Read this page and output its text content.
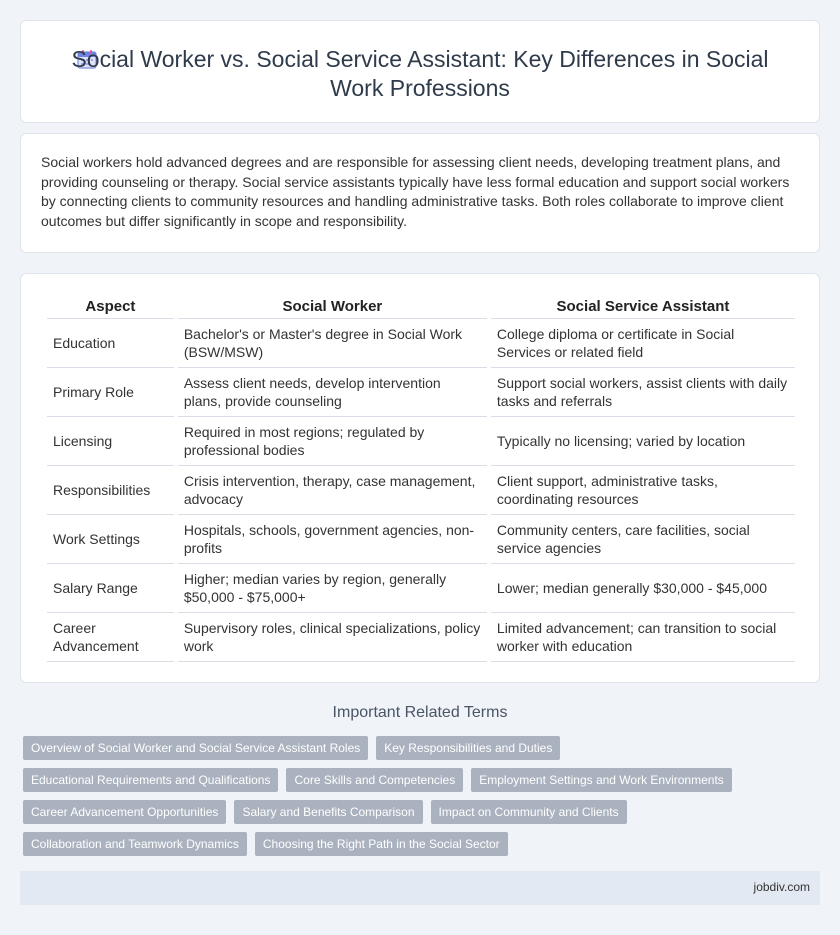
Social Worker vs. Social Service Assistant: Key Differences in Social Work Professions

Social workers hold advanced degrees and are responsible for assessing client needs, developing treatment plans, and providing counseling or therapy. Social service assistants typically have less formal education and support social workers by connecting clients to community resources and handling administrative tasks. Both roles collaborate to improve client outcomes but differ significantly in scope and responsibility.

Aspect	Social Worker	Social Service Assistant
Education	Bachelor's or Master's degree in Social Work (BSW/MSW)	College diploma or certificate in Social Services or related field
Primary Role	Assess client needs, develop intervention plans, provide counseling	Support social workers, assist clients with daily tasks and referrals
Licensing	Required in most regions; regulated by professional bodies	Typically no licensing; varied by location
Responsibilities	Crisis intervention, therapy, case management, advocacy	Client support, administrative tasks, coordinating resources
Work Settings	Hospitals, schools, government agencies, non-profits	Community centers, care facilities, social service agencies
Salary Range	Higher; median varies by region, generally $50,000 - $75,000+	Lower; median generally $30,000 - $45,000
Career Advancement	Supervisory roles, clinical specializations, policy work	Limited advancement; can transition to social worker with education
Important Related Terms
Overview of Social Worker and Social Service Assistant Roles	Key Responsibilities and Duties
Educational Requirements and Qualifications	Core Skills and Competencies	Employment Settings and Work Environments
Career Advancement Opportunities	Salary and Benefits Comparison	Impact on Community and Clients
Collaboration and Teamwork Dynamics	Choosing the Right Path in the Social Sector
jobdiv.com
